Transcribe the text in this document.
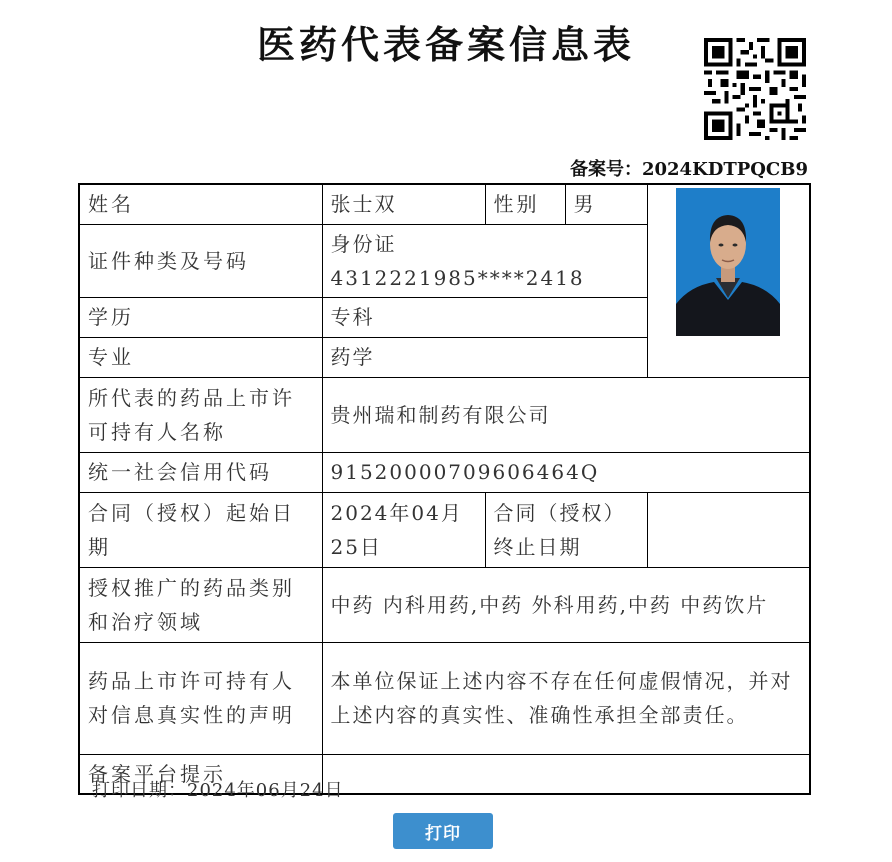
医药代表备案信息表
备案号：2024KDTPQCB9
姓名	张士双	性别	男	

证件种类及号码	身份证 4312221985****2418			
学历	专科			
专业	药学			
所代表的药品上市许可持有人名称	贵州瑞和制药有限公司			
统一社会信用代码	91520000709606464Q			
合同（授权）起始日期	2024年04月25日	合同（授权）终止日期		
授权推广的药品类别和治疗领域	中药 内科用药,中药 外科用药,中药 中药饮片			
药品上市许可持有人对信息真实性的声明	本单位保证上述内容不存在任何虚假情况，并对上述内容的真实性、准确性承担全部责任。			
备案平台提示				
打印日期：2024年06月24日
打印
